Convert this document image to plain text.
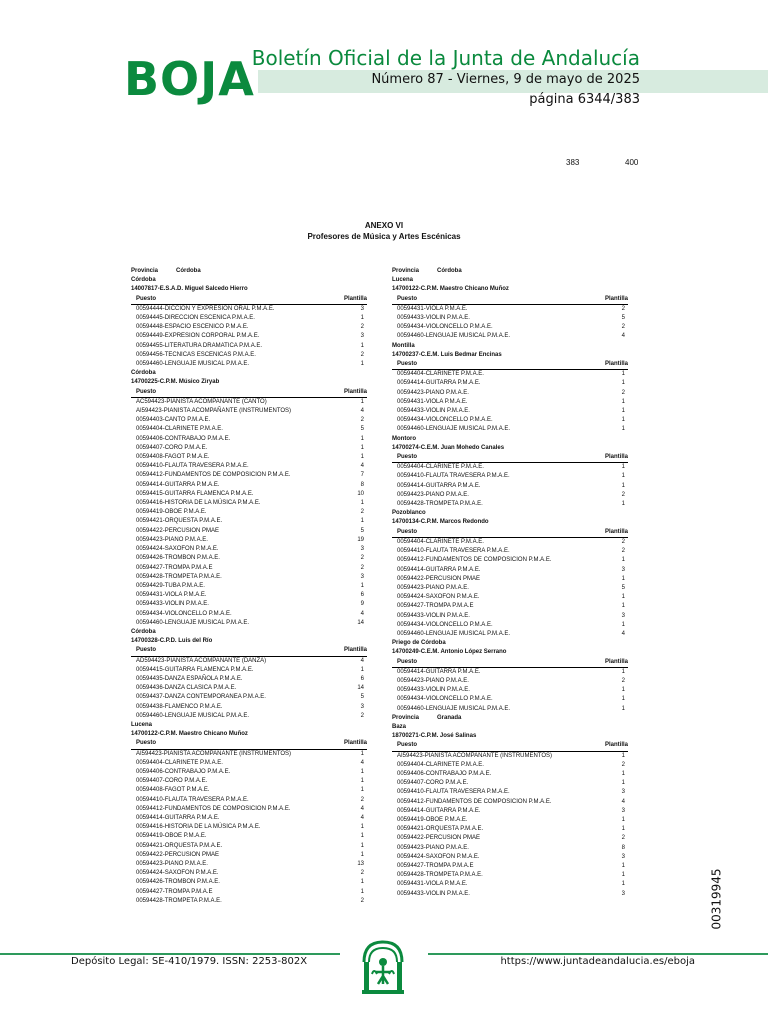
BOJA
Boletín Oficial de la Junta de Andalucía
Número 87 - Viernes, 9 de mayo de 2025
página 6344/383
383	400
ANEXO VI
Profesores de Música y Artes Escénicas
Provincia	Córdoba
Córdoba
14007817-E.S.A.D. Miguel Salcedo Hierro
Puesto	Plantilla
00594444-DICCION Y EXPRESION ORAL P.M.A.E.	3
00594445-DIRECCION ESCENICA P.M.A.E.	1
00594448-ESPACIO ESCENICO P.M.A.E.	2
00594449-EXPRESION CORPORAL P.M.A.E.	3
00594455-LITERATURA DRAMATICA P.M.A.E.	1
00594456-TECNICAS ESCENICAS P.M.A.E.	2
00594460-LENGUAJE MUSICAL P.M.A.E.	1
Córdoba
14700225-C.P.M. Músico Ziryab
Puesto	Plantilla
AC594423-PIANISTA ACOMPAÑANTE (CANTO)	1
AI594423-PIANISTA ACOMPAÑANTE (INSTRUMENTOS)	4
00594403-CANTO P.M.A.E.	2
00594404-CLARINETE P.M.A.E.	5
00594406-CONTRABAJO P.M.A.E.	1
00594407-CORO P.M.A.E.	1
00594408-FAGOT P.M.A.E.	1
00594410-FLAUTA TRAVESERA P.M.A.E.	4
00594412-FUNDAMENTOS DE COMPOSICION P.M.A.E.	7
00594414-GUITARRA P.M.A.E.	8
00594415-GUITARRA FLAMENCA P.M.A.E.	10
00594416-HISTORIA DE LA MÚSICA P.M.A.E.	1
00594419-OBOE P.M.A.E.	2
00594421-ORQUESTA P.M.A.E.	1
00594422-PERCUSION PMAE	5
00594423-PIANO P.M.A.E.	19
00594424-SAXOFON P.M.A.E.	3
00594426-TROMBON P.M.A.E.	2
00594427-TROMPA P.M.A.E	2
00594428-TROMPETA P.M.A.E.	3
00594429-TUBA P.M.A.E.	1
00594431-VIOLA P.M.A.E.	6
00594433-VIOLIN P.M.A.E.	9
00594434-VIOLONCELLO P.M.A.E.	4
00594460-LENGUAJE MUSICAL P.M.A.E.	14
Córdoba
14700328-C.P.D. Luis del Río
Puesto	Plantilla
AD594423-PIANISTA ACOMPAÑANTE (DANZA)	4
00594415-GUITARRA FLAMENCA P.M.A.E.	1
00594435-DANZA ESPAÑOLA P.M.A.E.	6
00594436-DANZA CLASICA P.M.A.E.	14
00594437-DANZA CONTEMPORANEA P.M.A.E.	5
00594438-FLAMENCO P.M.A.E.	3
00594460-LENGUAJE MUSICAL P.M.A.E.	2
Lucena
14700122-C.P.M. Maestro Chicano Muñoz
Puesto	Plantilla
AI594423-PIANISTA ACOMPAÑANTE (INSTRUMENTOS)	1
00594404-CLARINETE P.M.A.E.	4
00594406-CONTRABAJO P.M.A.E.	1
00594407-CORO P.M.A.E.	1
00594408-FAGOT P.M.A.E.	1
00594410-FLAUTA TRAVESERA P.M.A.E.	2
00594412-FUNDAMENTOS DE COMPOSICION P.M.A.E.	4
00594414-GUITARRA P.M.A.E.	4
00594416-HISTORIA DE LA MÚSICA P.M.A.E.	1
00594419-OBOE P.M.A.E.	1
00594421-ORQUESTA P.M.A.E.	1
00594422-PERCUSION PMAE	1
00594423-PIANO P.M.A.E.	13
00594424-SAXOFON P.M.A.E.	2
00594426-TROMBON P.M.A.E.	1
00594427-TROMPA P.M.A.E	1
00594428-TROMPETA P.M.A.E.	2
Provincia	Córdoba
Lucena
14700122-C.P.M. Maestro Chicano Muñoz
Puesto	Plantilla
00594431-VIOLA P.M.A.E.	2
00594433-VIOLIN P.M.A.E.	5
00594434-VIOLONCELLO P.M.A.E.	2
00594460-LENGUAJE MUSICAL P.M.A.E.	4
Montilla
14700237-C.E.M. Luis Bedmar Encinas
Puesto	Plantilla
00594404-CLARINETE P.M.A.E.	1
00594414-GUITARRA P.M.A.E.	1
00594423-PIANO P.M.A.E.	2
00594431-VIOLA P.M.A.E.	1
00594433-VIOLIN P.M.A.E.	1
00594434-VIOLONCELLO P.M.A.E.	1
00594460-LENGUAJE MUSICAL P.M.A.E.	1
Montoro
14700274-C.E.M. Juan Mohedo Canales
Puesto	Plantilla
00594404-CLARINETE P.M.A.E.	1
00594410-FLAUTA TRAVESERA P.M.A.E.	1
00594414-GUITARRA P.M.A.E.	1
00594423-PIANO P.M.A.E.	2
00594428-TROMPETA P.M.A.E.	1
Pozoblanco
14700134-C.P.M. Marcos Redondo
Puesto	Plantilla
00594404-CLARINETE P.M.A.E.	2
00594410-FLAUTA TRAVESERA P.M.A.E.	2
00594412-FUNDAMENTOS DE COMPOSICION P.M.A.E.	1
00594414-GUITARRA P.M.A.E.	3
00594422-PERCUSION PMAE	1
00594423-PIANO P.M.A.E.	5
00594424-SAXOFON P.M.A.E.	1
00594427-TROMPA P.M.A.E	1
00594433-VIOLIN P.M.A.E.	3
00594434-VIOLONCELLO P.M.A.E.	1
00594460-LENGUAJE MUSICAL P.M.A.E.	4
Priego de Córdoba
14700249-C.E.M. Antonio López Serrano
Puesto	Plantilla
00594414-GUITARRA P.M.A.E.	1
00594423-PIANO P.M.A.E.	2
00594433-VIOLIN P.M.A.E.	1
00594434-VIOLONCELLO P.M.A.E.	1
00594460-LENGUAJE MUSICAL P.M.A.E.	1
Provincia	Granada
Baza
18700271-C.P.M. José Salinas
Puesto	Plantilla
AI594423-PIANISTA ACOMPAÑANTE (INSTRUMENTOS)	1
00594404-CLARINETE P.M.A.E.	2
00594406-CONTRABAJO P.M.A.E.	1
00594407-CORO P.M.A.E.	1
00594410-FLAUTA TRAVESERA P.M.A.E.	3
00594412-FUNDAMENTOS DE COMPOSICION P.M.A.E.	4
00594414-GUITARRA P.M.A.E.	3
00594419-OBOE P.M.A.E.	1
00594421-ORQUESTA P.M.A.E.	1
00594422-PERCUSION PMAE	2
00594423-PIANO P.M.A.E.	8
00594424-SAXOFON P.M.A.E.	3
00594427-TROMPA P.M.A.E	1
00594428-TROMPETA P.M.A.E.	1
00594431-VIOLA P.M.A.E.	1
00594433-VIOLIN P.M.A.E.	3	00319945
Depósito Legal: SE-410/1979. ISSN: 2253-802X	https://www.juntadeandalucia.es/eboja
